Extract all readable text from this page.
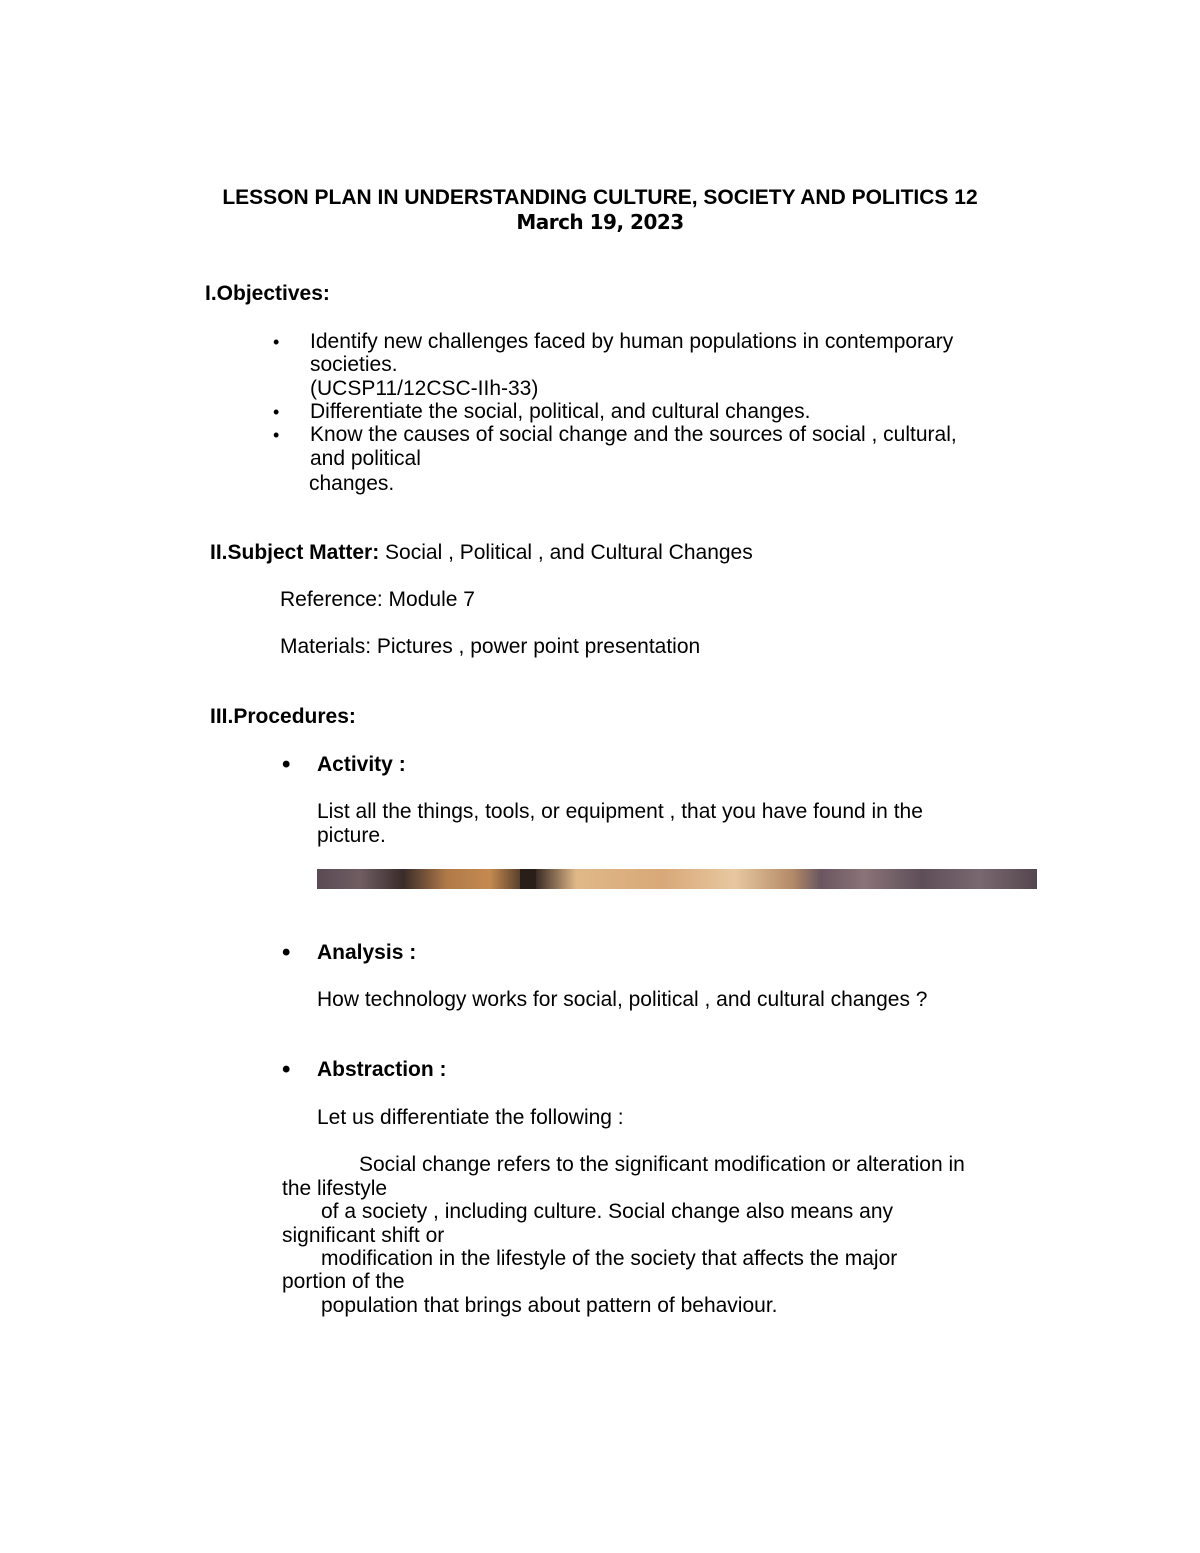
LESSON PLAN IN UNDERSTANDING CULTURE, SOCIETY AND POLITICS 12
March 19, 2023
I.Objectives:
• Identify new challenges faced by human populations in contemporary
societies.
(UCSP11/12CSC-IIh-33)
• Differentiate the social, political, and cultural changes.
• Know the causes of social change and the sources of social , cultural,
and political
changes.
II.Subject Matter: Social , Political , and Cultural Changes
Reference: Module 7
Materials: Pictures , power point presentation
III.Procedures:
• Activity :
List all the things, tools, or equipment , that you have found in the
picture.
• Analysis :
How technology works for social, political , and cultural changes ?
• Abstraction :
Let us differentiate the following :
Social change refers to the significant modification or alteration in
the lifestyle
of a society , including culture. Social change also means any
significant shift or
modification in the lifestyle of the society that affects the major
portion of the
population that brings about pattern of behaviour.
